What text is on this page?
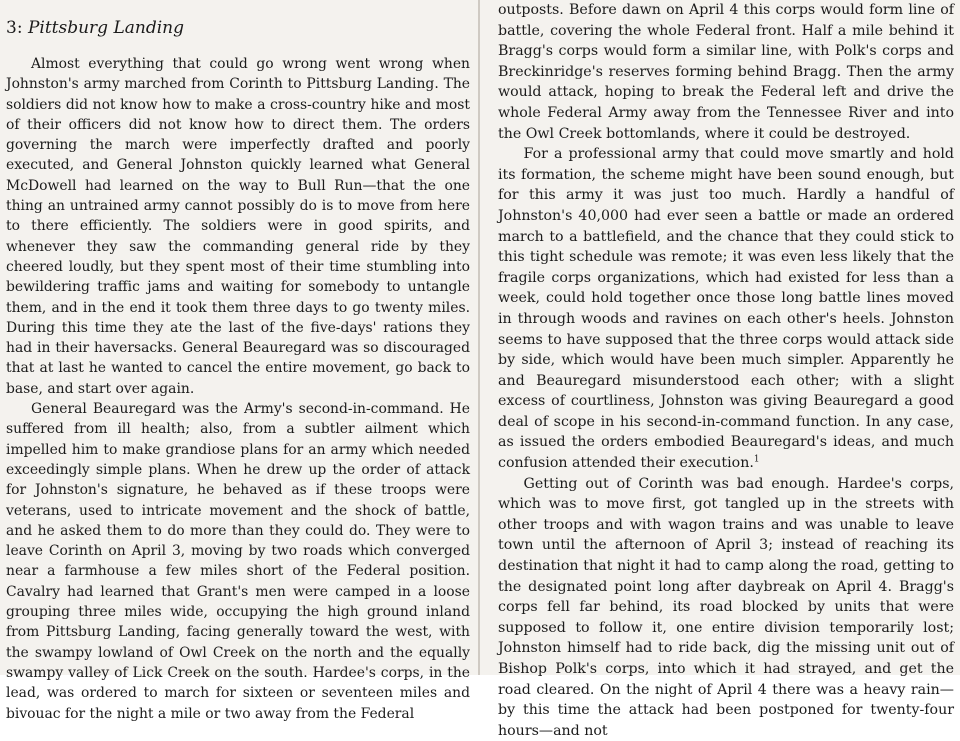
3: Pittsburg Landing

Almost everything that could go wrong went wrong when Johnston's army marched from Corinth to Pittsburg Landing. The soldiers did not know how to make a cross-country hike and most of their officers did not know how to direct them. The orders governing the march were imperfectly drafted and poorly executed, and General Johnston quickly learned what General McDowell had learned on the way to Bull Run—that the one thing an untrained army cannot possibly do is to move from here to there efficiently. The soldiers were in good spirits, and whenever they saw the commanding general ride by they cheered loudly, but they spent most of their time stumbling into bewildering traffic jams and waiting for somebody to untangle them, and in the end it took them three days to go twenty miles. During this time they ate the last of the five-days' rations they had in their haversacks. General Beauregard was so discouraged that at last he wanted to cancel the entire movement, go back to base, and start over again.

General Beauregard was the Army's second-in-command. He suffered from ill health; also, from a subtler ailment which impelled him to make grandiose plans for an army which needed exceedingly simple plans. When he drew up the order of attack for Johnston's signature, he behaved as if these troops were veterans, used to intricate movement and the shock of battle, and he asked them to do more than they could do. They were to leave Corinth on April 3, moving by two roads which converged near a farmhouse a few miles short of the Federal position. Cavalry had learned that Grant's men were camped in a loose grouping three miles wide, occupying the high ground inland from Pittsburg Landing, facing generally toward the west, with the swampy lowland of Owl Creek on the north and the equally swampy valley of Lick Creek on the south. Hardee's corps, in the lead, was ordered to march for sixteen or seventeen miles and bivouac for the night a mile or two away from the Federal

outposts. Before dawn on April 4 this corps would form line of battle, covering the whole Federal front. Half a mile behind it Bragg's corps would form a similar line, with Polk's corps and Breckinridge's reserves forming behind Bragg. Then the army would attack, hoping to break the Federal left and drive the whole Federal Army away from the Tennessee River and into the Owl Creek bottomlands, where it could be destroyed.

For a professional army that could move smartly and hold its formation, the scheme might have been sound enough, but for this army it was just too much. Hardly a handful of Johnston's 40,000 had ever seen a battle or made an ordered march to a battlefield, and the chance that they could stick to this tight schedule was remote; it was even less likely that the fragile corps organizations, which had existed for less than a week, could hold together once those long battle lines moved in through woods and ravines on each other's heels. Johnston seems to have supposed that the three corps would attack side by side, which would have been much simpler. Apparently he and Beauregard misunderstood each other; with a slight excess of courtliness, Johnston was giving Beauregard a good deal of scope in his second-in-command function. In any case, as issued the orders embodied Beauregard's ideas, and much confusion attended their execution.$^1$

Getting out of Corinth was bad enough. Hardee's corps, which was to move first, got tangled up in the streets with other troops and with wagon trains and was unable to leave town until the afternoon of April 3; instead of reaching its destination that night it had to camp along the road, getting to the designated point long after daybreak on April 4. Bragg's corps fell far behind, its road blocked by units that were supposed to follow it, one entire division temporarily lost; Johnston himself had to ride back, dig the missing unit out of Bishop Polk's corps, into which it had strayed, and get the road cleared. On the night of April 4 there was a heavy rain—by this time the attack had been postponed for twenty-four hours—and not
